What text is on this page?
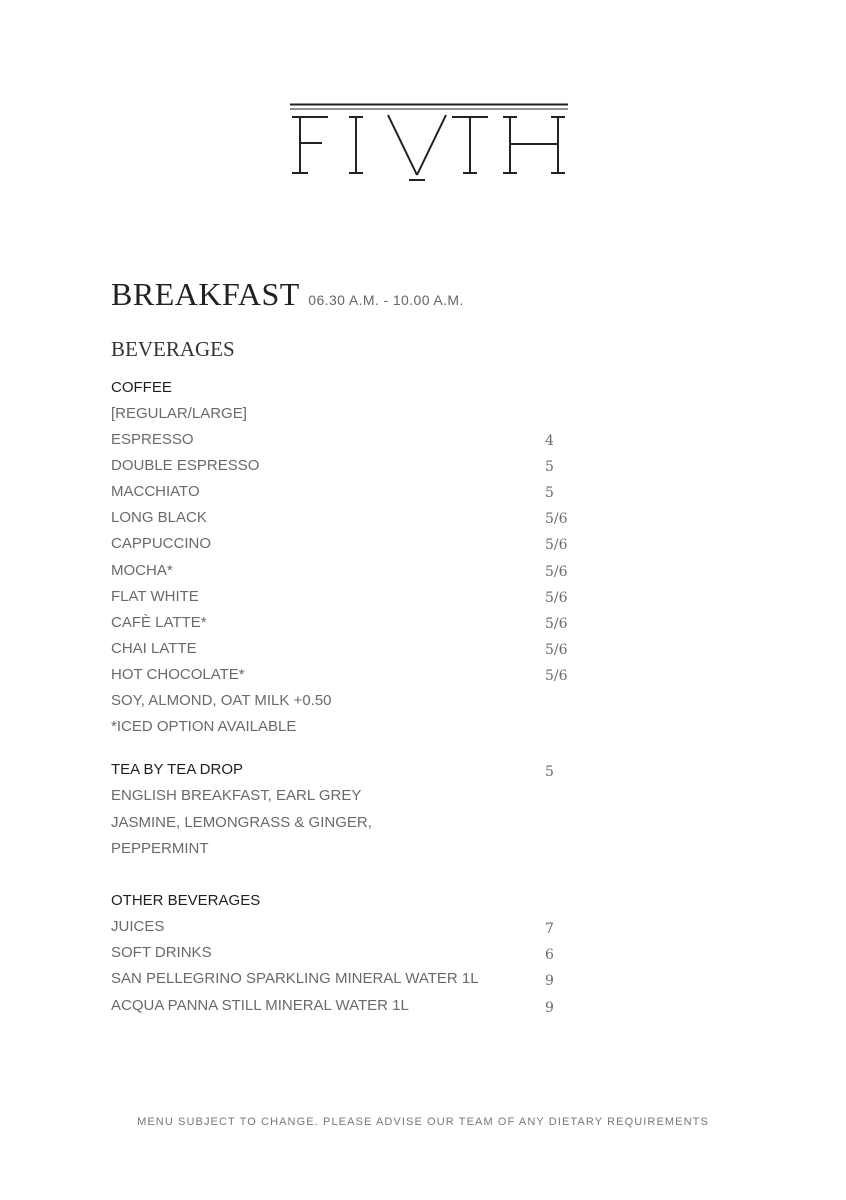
BREAKFAST 06.30 A.M. - 10.00 A.M.
BEVERAGES
COFFEE
[REGULAR/LARGE]
ESPRESSO	4
DOUBLE ESPRESSO	5
MACCHIATO	5
LONG BLACK	5/6
CAPPUCCINO	5/6
MOCHA*	5/6
FLAT WHITE	5/6
CAFÈ LATTE*	5/6
CHAI LATTE	5/6
HOT CHOCOLATE*	5/6
SOY, ALMOND, OAT MILK +0.50
*ICED OPTION AVAILABLE
TEA BY TEA DROP	5
ENGLISH BREAKFAST, EARL GREY
JASMINE, LEMONGRASS & GINGER,
PEPPERMINT
OTHER BEVERAGES
JUICES	7
SOFT DRINKS	6
SAN PELLEGRINO SPARKLING MINERAL WATER 1L	9
ACQUA PANNA STILL MINERAL WATER 1L	9
MENU SUBJECT TO CHANGE. PLEASE ADVISE OUR TEAM OF ANY DIETARY REQUIREMENTS
